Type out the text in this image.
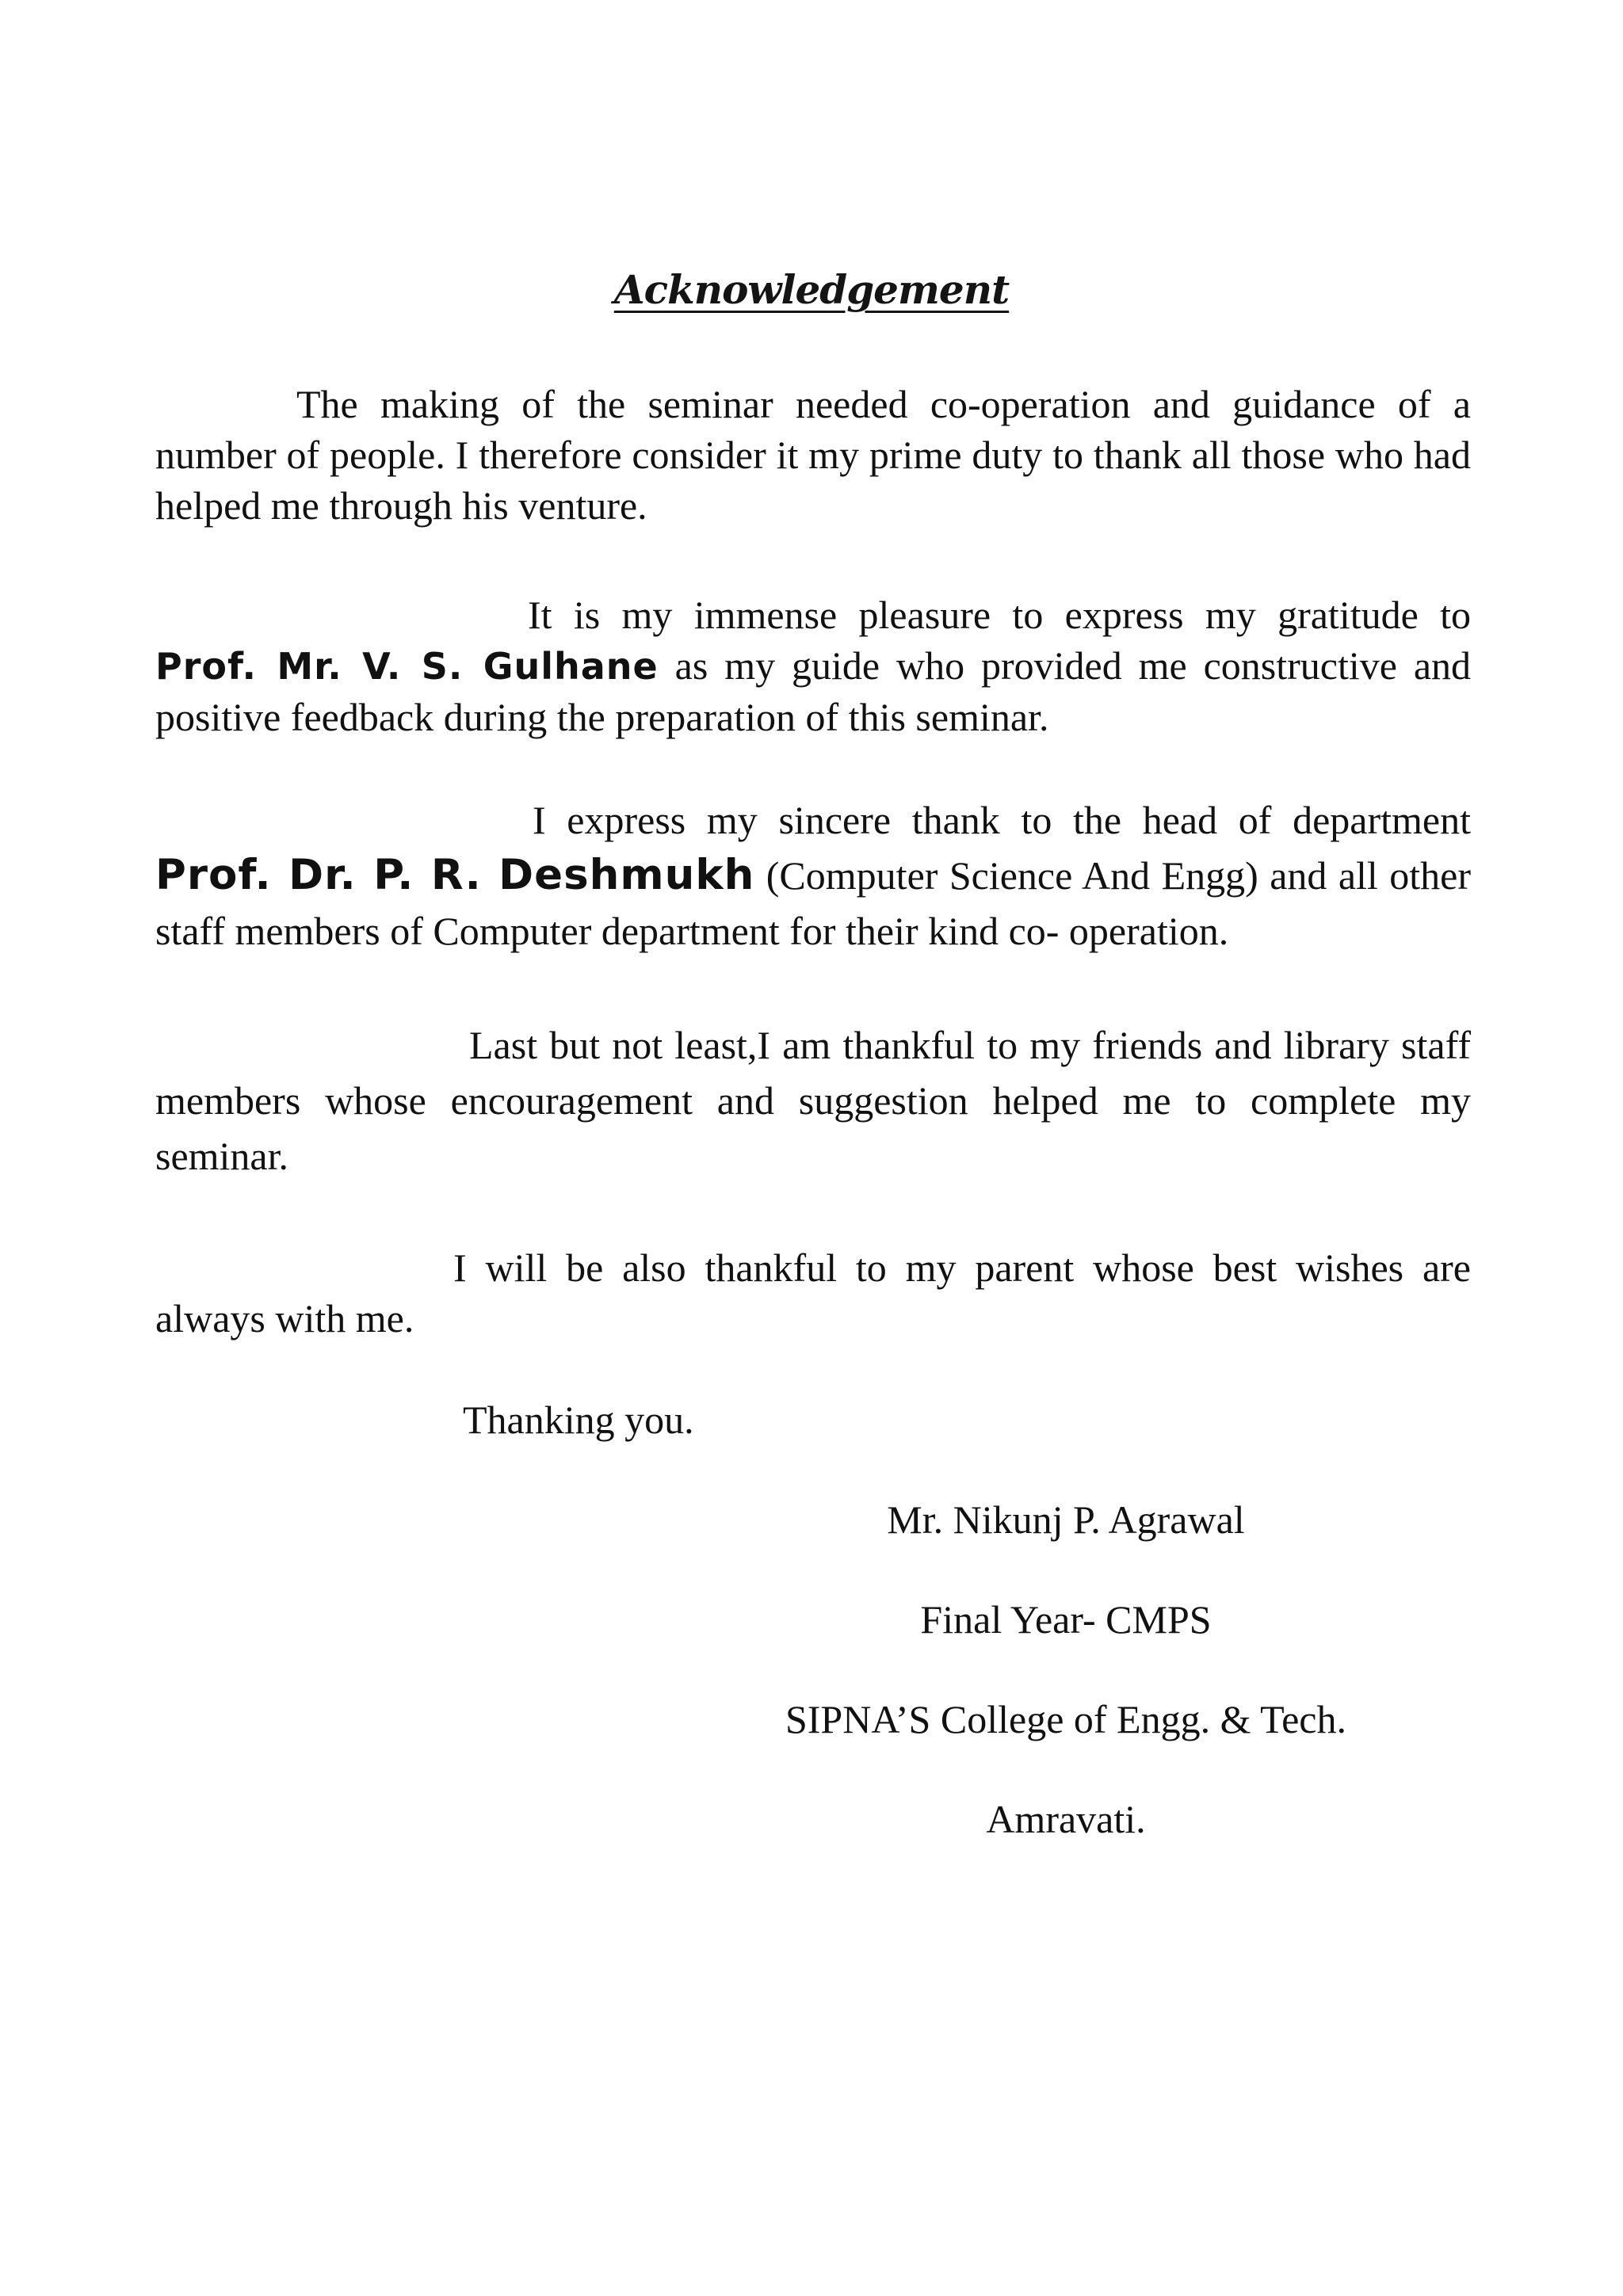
Acknowledgement

The making of the seminar needed co-operation and guidance of a number of people. I therefore consider it my prime duty to thank all those who had helped me through his venture.

It is my immense pleasure to express my gratitude to Prof. Mr. V. S. Gulhane as my guide who provided me constructive and positive feedback during the preparation of this seminar.

I express my sincere thank to the head of department Prof. Dr. P. R. Deshmukh (Computer Science And Engg) and all other staff members of Computer department for their kind co- operation.

Last but not least,I am thankful to my friends and library staff members whose encouragement and suggestion helped me to complete my seminar.

I will be also thankful to my parent whose best wishes are always with me.

Thanking you.
Mr. Nikunj P. Agrawal
Final Year- CMPS
SIPNA’S College of Engg. & Tech.
Amravati.
